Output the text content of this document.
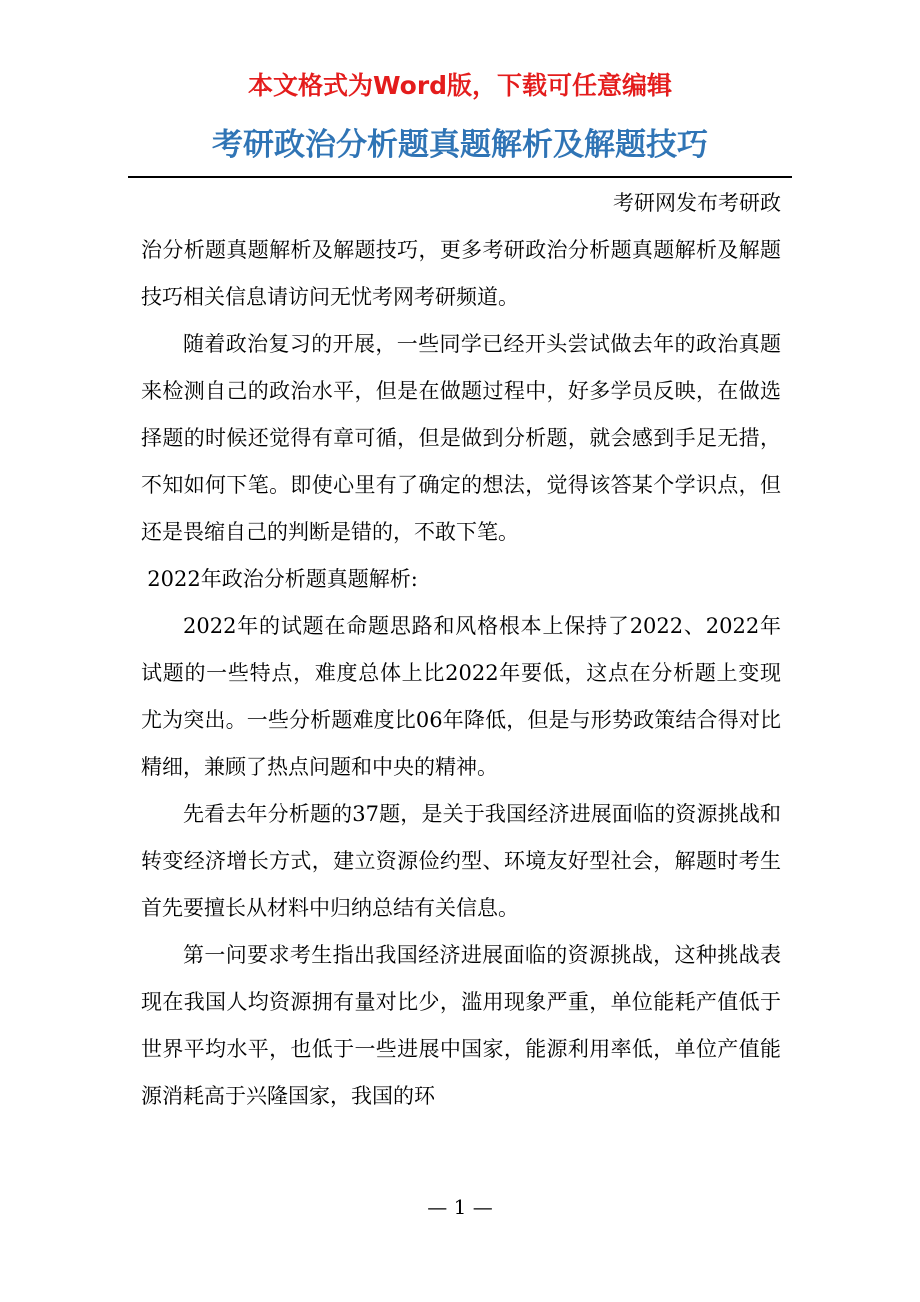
本文格式为Word版，下载可任意编辑
考研政治分析题真题解析及解题技巧

考研网发布考研政

治分析题真题解析及解题技巧，更多考研政治分析题真题解析及解题技巧相关信息请访问无忧考网考研频道。

随着政治复习的开展，一些同学已经开头尝试做去年的政治真题来检测自己的政治水平，但是在做题过程中，好多学员反映，在做选择题的时候还觉得有章可循，但是做到分析题，就会感到手足无措，不知如何下笔。即使心里有了确定的想法，觉得该答某个学识点，但还是畏缩自己的判断是错的，不敢下笔。

2022年政治分析题真题解析:

2022年的试题在命题思路和风格根本上保持了2022、2022年试题的一些特点，难度总体上比2022年要低，这点在分析题上变现尤为突出。一些分析题难度比06年降低，但是与形势政策结合得对比精细，兼顾了热点问题和中央的精神。

先看去年分析题的37题，是关于我国经济进展面临的资源挑战和转变经济增长方式，建立资源俭约型、环境友好型社会，解题时考生首先要擅长从材料中归纳总结有关信息。

第一问要求考生指出我国经济进展面临的资源挑战，这种挑战表现在我国人均资源拥有量对比少，滥用现象严重，单位能耗产值低于世界平均水平，也低于一些进展中国家，能源利用率低，单位产值能源消耗高于兴隆国家，我国的环

— 1 —
